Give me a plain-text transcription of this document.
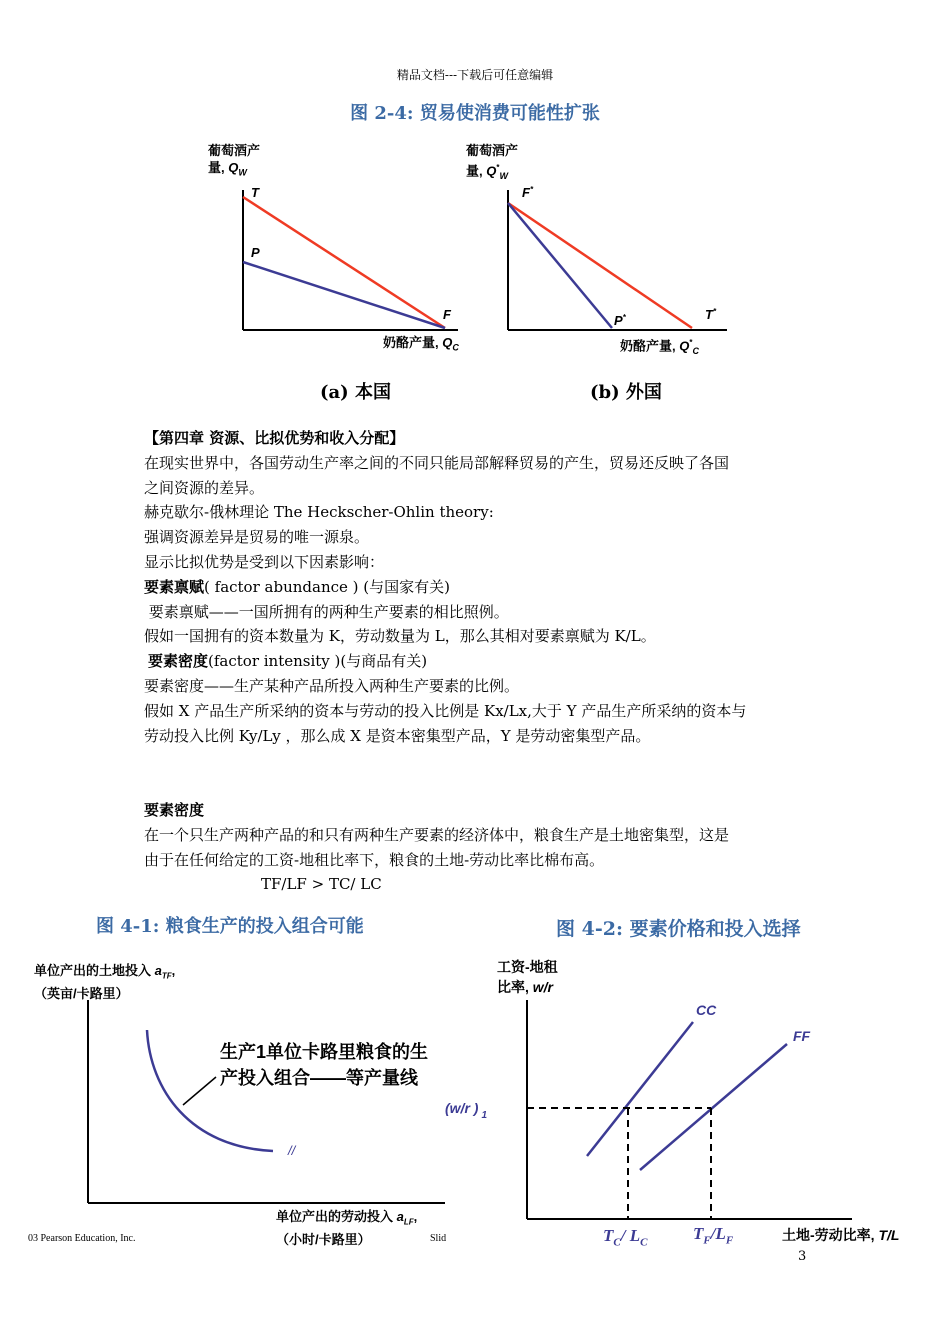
精品文档---下载后可任意编辑
图 2-4: 贸易使消费可能性扩张
葡萄酒产
量, $Q_W$
T
P
F
奶酪产量, $Q_C$
(a) 本国
葡萄酒产
量, $Q^*_W$
F*
P*	T*
奶酪产量, $Q^*_C$
(b) 外国
【第四章 资源、比拟优势和收入分配】
在现实世界中，各国劳动生产率之间的不同只能局部解释贸易的产生，贸易还反映了各国
之间资源的差异。
赫克歇尔-俄林理论 The Heckscher-Ohlin theory:
强调资源差异是贸易的唯一源泉。
显示比拟优势是受到以下因素影响：
要素禀赋( factor abundance ) (与国家有关)
要素禀赋——一国所拥有的两种生产要素的相比照例。
假如一国拥有的资本数量为 K，劳动数量为 L，那么其相对要素禀赋为 K/L。
要素密度(factor intensity )(与商品有关)
要素密度——生产某种产品所投入两种生产要素的比例。
假如 X 产品生产所采纳的资本与劳动的投入比例是 Kx/Lx,大于 Y 产品生产所采纳的资本与
劳动投入比例 Ky/Ly ，那么成 X 是资本密集型产品，Y 是劳动密集型产品。
要素密度
在一个只生产两种产品的和只有两种生产要素的经济体中，粮食生产是土地密集型，这是
由于在任何给定的工资-地租比率下，粮食的土地-劳动比率比棉布高。
TF/LF > TC/ LC
图 4-1: 粮食生产的投入组合可能
单位产出的土地投入 $a_{TF}$,
（英亩/卡路里）
//
生产1单位卡路里粮食的生
产投入组合——等产量线
单位产出的劳动投入 $a_{LF}$,
（小时/卡路里）
03 Pearson Education, Inc.	Slid
图 4-2: 要素价格和投入选择
工资-地租
比率, w/r
CC
FF
(w/r ) $_1$
$T_C/$ $L_C$	$T_F/L_F$	土地-劳动比率, T/L
3
